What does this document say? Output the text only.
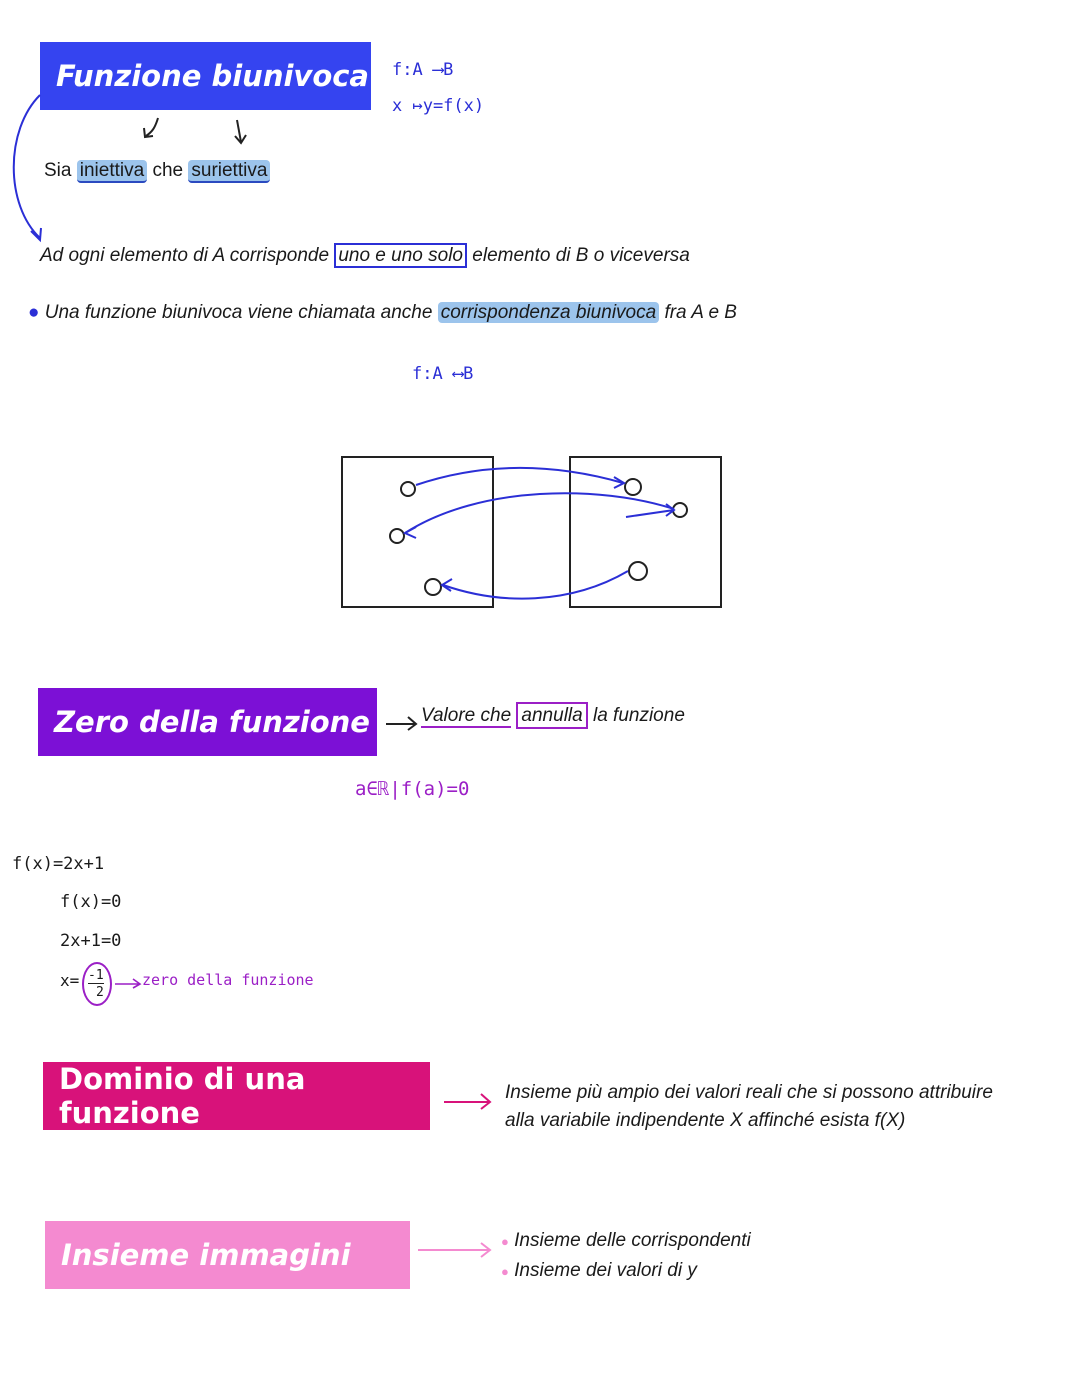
Funzione biunivoca f:A ⟶B
x ↦y=f(x)
Sia iniettiva che suriettiva
Ad ogni elemento di A corrisponde uno e uno solo elemento di B o viceversa
● Una funzione biunivoca viene chiamata anche corrispondenza biunivoca fra A e B
f:A ⟷B
Zero della funzione	Valore che annulla la funzione
a∈ℝ|f(a)=0
f(x)=2x+1
f(x)=0
2x+1=0
$x= \frac{-1}{2}$ zero della funzione
Dominio di una funzione
Insieme più ampio dei valori reali che si possono attribuire
alla variabile indipendente X affinché esista f(X)
Insieme immagini	● Insieme delle corrispondenti
● Insieme dei valori di y
